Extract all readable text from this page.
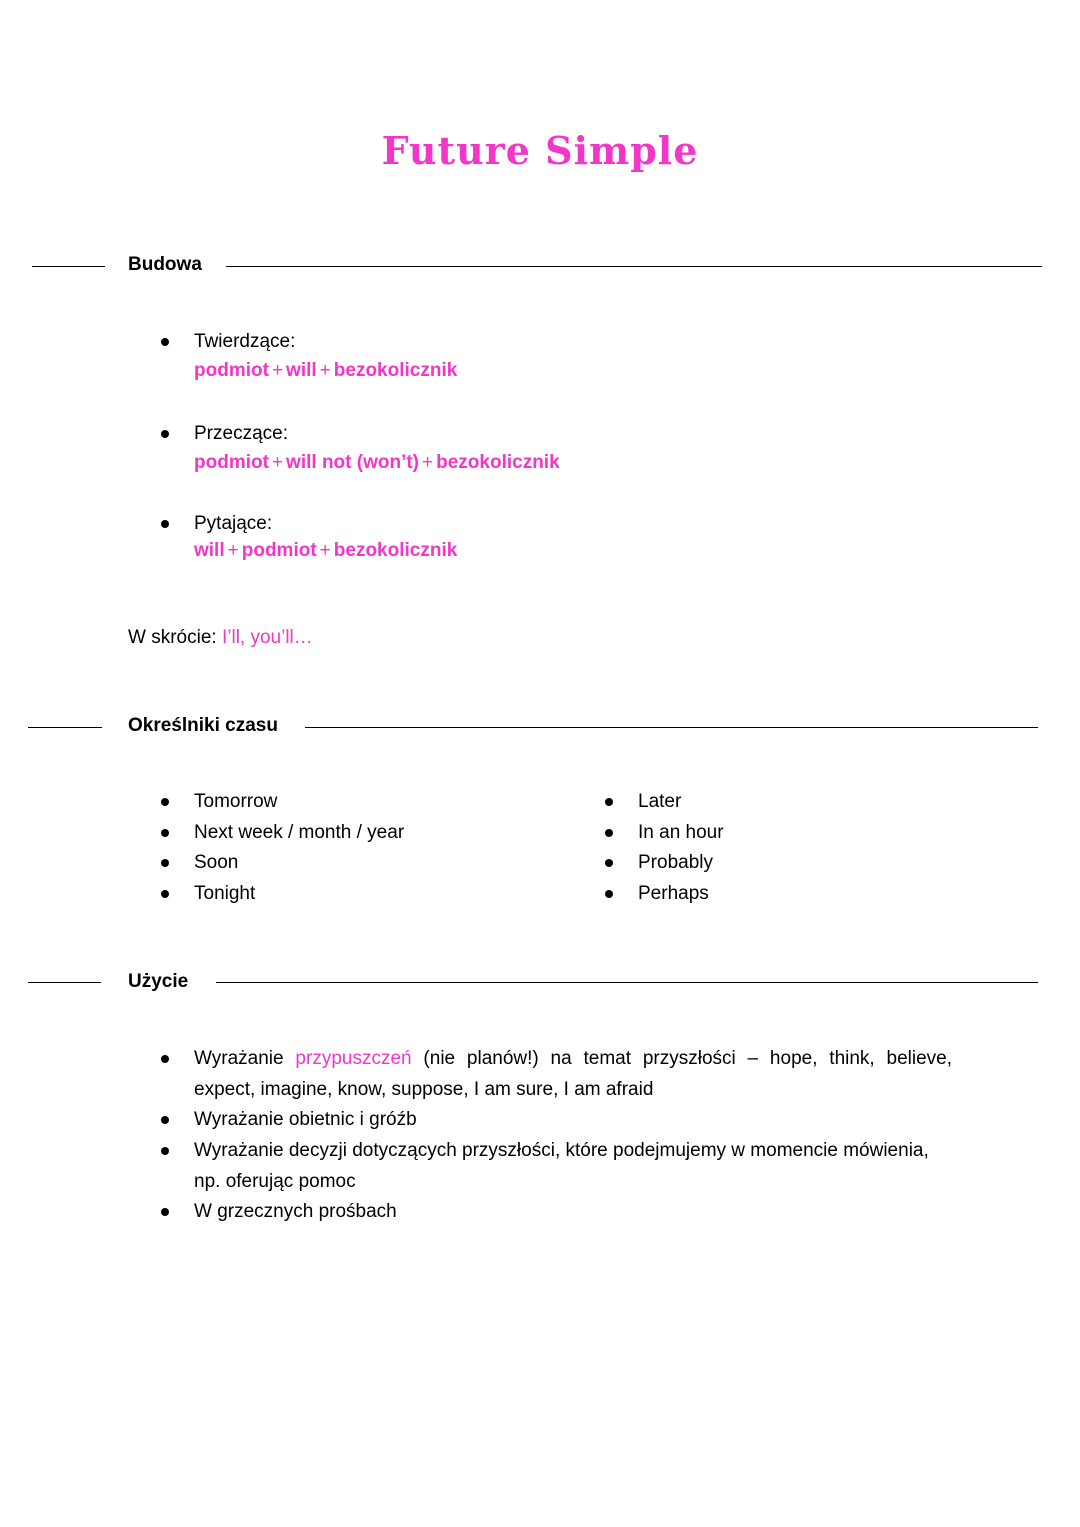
Future Simple
Budowa
Twierdzące:
podmiot + will + bezokolicznik
Przeczące:
podmiot + will not (won’t) + bezokolicznik
Pytające:
will + podmiot + bezokolicznik
W skrócie: I’ll, you’ll…
Określniki czasu
Tomorrow
Next week / month / year
Soon
Tonight
Later
In an hour
Probably
Perhaps
Użycie
Wyrażanie przypuszczeń (nie planów!) na temat przyszłości – hope, think, believe, expect, imagine, know, suppose, I am sure, I am afraid
Wyrażanie obietnic i gróźb
Wyrażanie decyzji dotyczących przyszłości, które podejmujemy w momencie mówienia, np. oferując pomoc
W grzecznych prośbach
